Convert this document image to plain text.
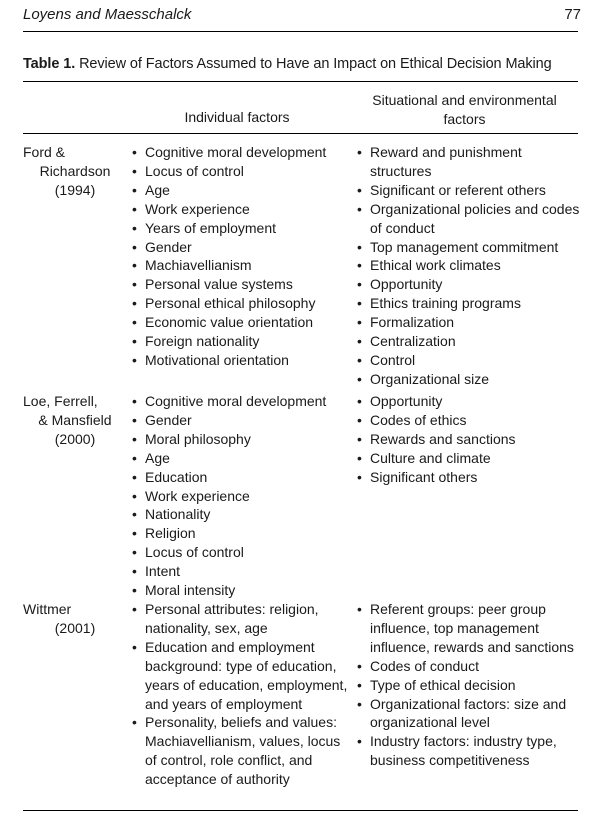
Loyens and Maesschalck	77
Table 1. Review of Factors Assumed to Have an Impact on Ethical Decision Making
Individual factors
Situational and environmental factors
Ford &
Richardson
(1994)
• Cognitive moral development
• Locus of control
• Age
• Work experience
• Years of employment
• Gender
• Machiavellianism
• Personal value systems
• Personal ethical philosophy
• Economic value orientation
• Foreign nationality
• Motivational orientation
• Reward and punishment structures
• Significant or referent others
• Organizational policies and codes of conduct
• Top management commitment
• Ethical work climates
• Opportunity
• Ethics training programs
• Formalization
• Centralization
• Control
• Organizational size
Loe, Ferrell,
& Mansfield
(2000)
• Cognitive moral development
• Gender
• Moral philosophy
• Age
• Education
• Work experience
• Nationality
• Religion
• Locus of control
• Intent
• Moral intensity
• Opportunity
• Codes of ethics
• Rewards and sanctions
• Culture and climate
• Significant others
Wittmer
(2001)
• Personal attributes: religion, nationality, sex, age
• Education and employment background: type of education, years of education, employment, and years of employment
• Personality, beliefs and values: Machiavellianism, values, locus of control, role conflict, and acceptance of authority
• Referent groups: peer group influence, top management influence, rewards and sanctions
• Codes of conduct
• Type of ethical decision
• Organizational factors: size and organizational level
• Industry factors: industry type, business competitiveness
